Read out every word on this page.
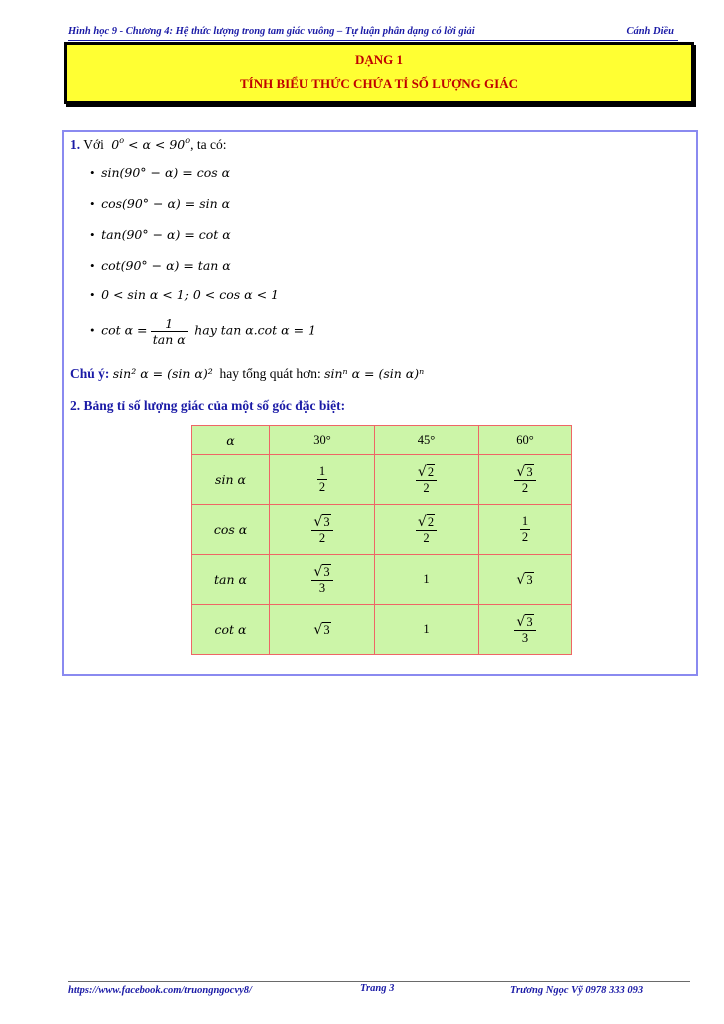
Hình học 9 - Chương 4: Hệ thức lượng trong tam giác vuông – Tự luận phân dạng có lời giải	Cánh Diều
DẠNG 1
TÍNH BIỂU THỨC CHỨA TỈ SỐ LƯỢNG GIÁC
1. Với  $0^o < \alpha < 90^o$, ta có:
•  sin(90° − α) = cos α
•  cos(90° − α) = sin α
•  tan(90° − α) = cot α
•  cot(90° − α) = tan α
•  0 < sin α < 1; 0 < cos α < 1
•  $\cot \alpha = \frac{1}{\text{tan α}}$ hay tan α.cot α = 1
Chú ý: sin² α = (sin α)² hay tổng quát hơn: sinⁿ α = (sin α)ⁿ
2. Bảng tỉ số lượng giác của một số góc đặc biệt:
α	30°	45°	60°
sin α	$\frac{1}{2}$	$\frac{√2}{2}$	$\frac{√3}{2}$

cos α	$\frac{√3}{2}$	$\frac{√2}{2}$	$\frac{1}{2}$

tan α	$\frac{√3}{3}$	1	√3
cot α	√3	1	$\frac{√3}{3}$
https://www.facebook.com/truongngocvy8/	Trang 3	Trương Ngọc Vỹ 0978 333 093
